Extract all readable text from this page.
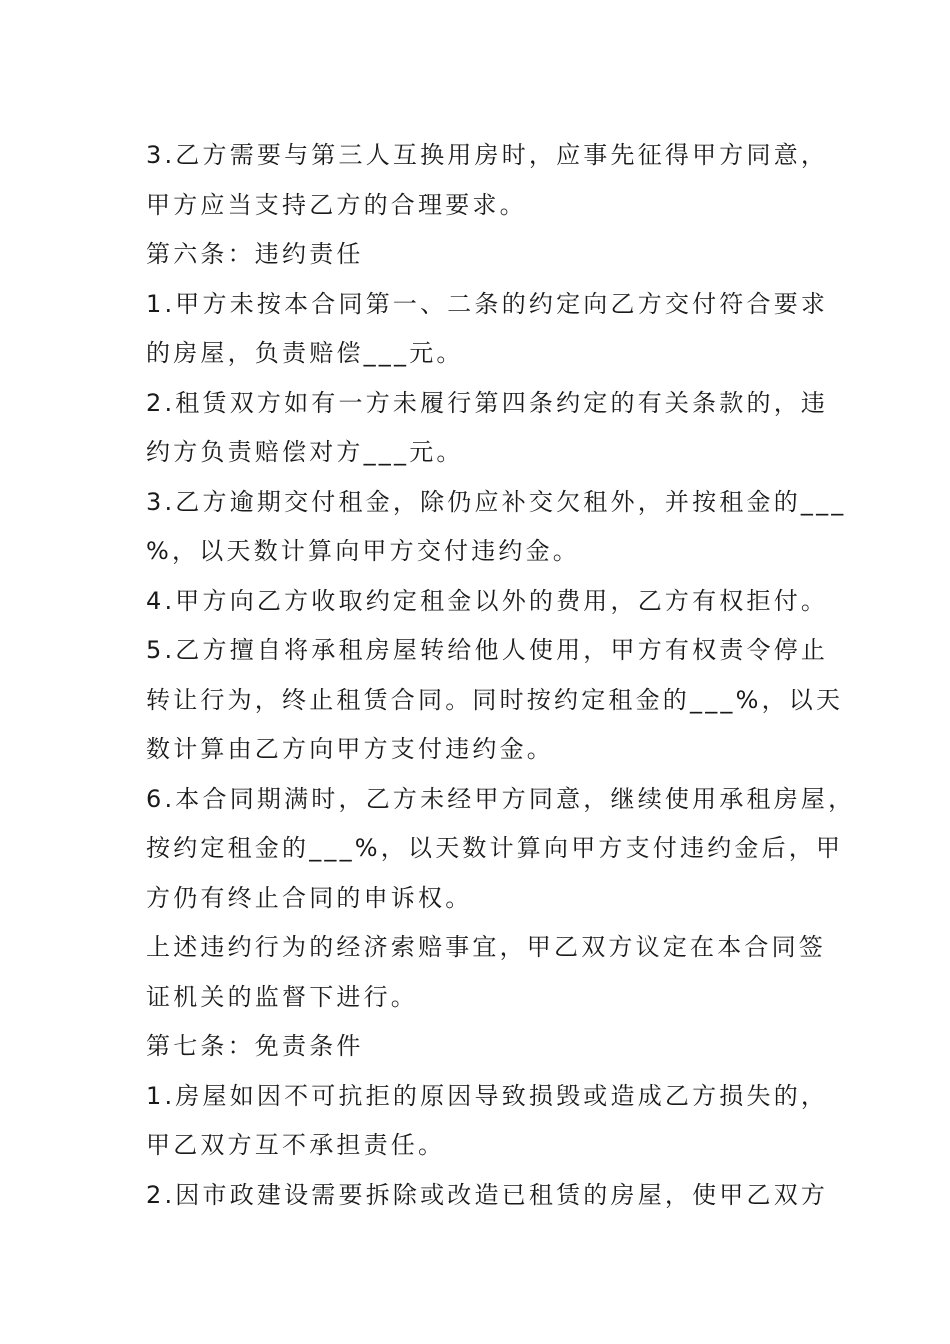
3.乙方需要与第三人互换用房时，应事先征得甲方同意，
甲方应当支持乙方的合理要求。
第六条：违约责任
1.甲方未按本合同第一、二条的约定向乙方交付符合要求
的房屋，负责赔偿___元。
2.租赁双方如有一方未履行第四条约定的有关条款的，违
约方负责赔偿对方___元。
3.乙方逾期交付租金，除仍应补交欠租外，并按租金的___
%，以天数计算向甲方交付违约金。
4.甲方向乙方收取约定租金以外的费用，乙方有权拒付。
5.乙方擅自将承租房屋转给他人使用，甲方有权责令停止
转让行为，终止租赁合同。同时按约定租金的___%，以天
数计算由乙方向甲方支付违约金。
6.本合同期满时，乙方未经甲方同意，继续使用承租房屋，
按约定租金的___%，以天数计算向甲方支付违约金后，甲
方仍有终止合同的申诉权。
上述违约行为的经济索赔事宜，甲乙双方议定在本合同签
证机关的监督下进行。
第七条：免责条件
1.房屋如因不可抗拒的原因导致损毁或造成乙方损失的，
甲乙双方互不承担责任。
2.因市政建设需要拆除或改造已租赁的房屋，使甲乙双方
